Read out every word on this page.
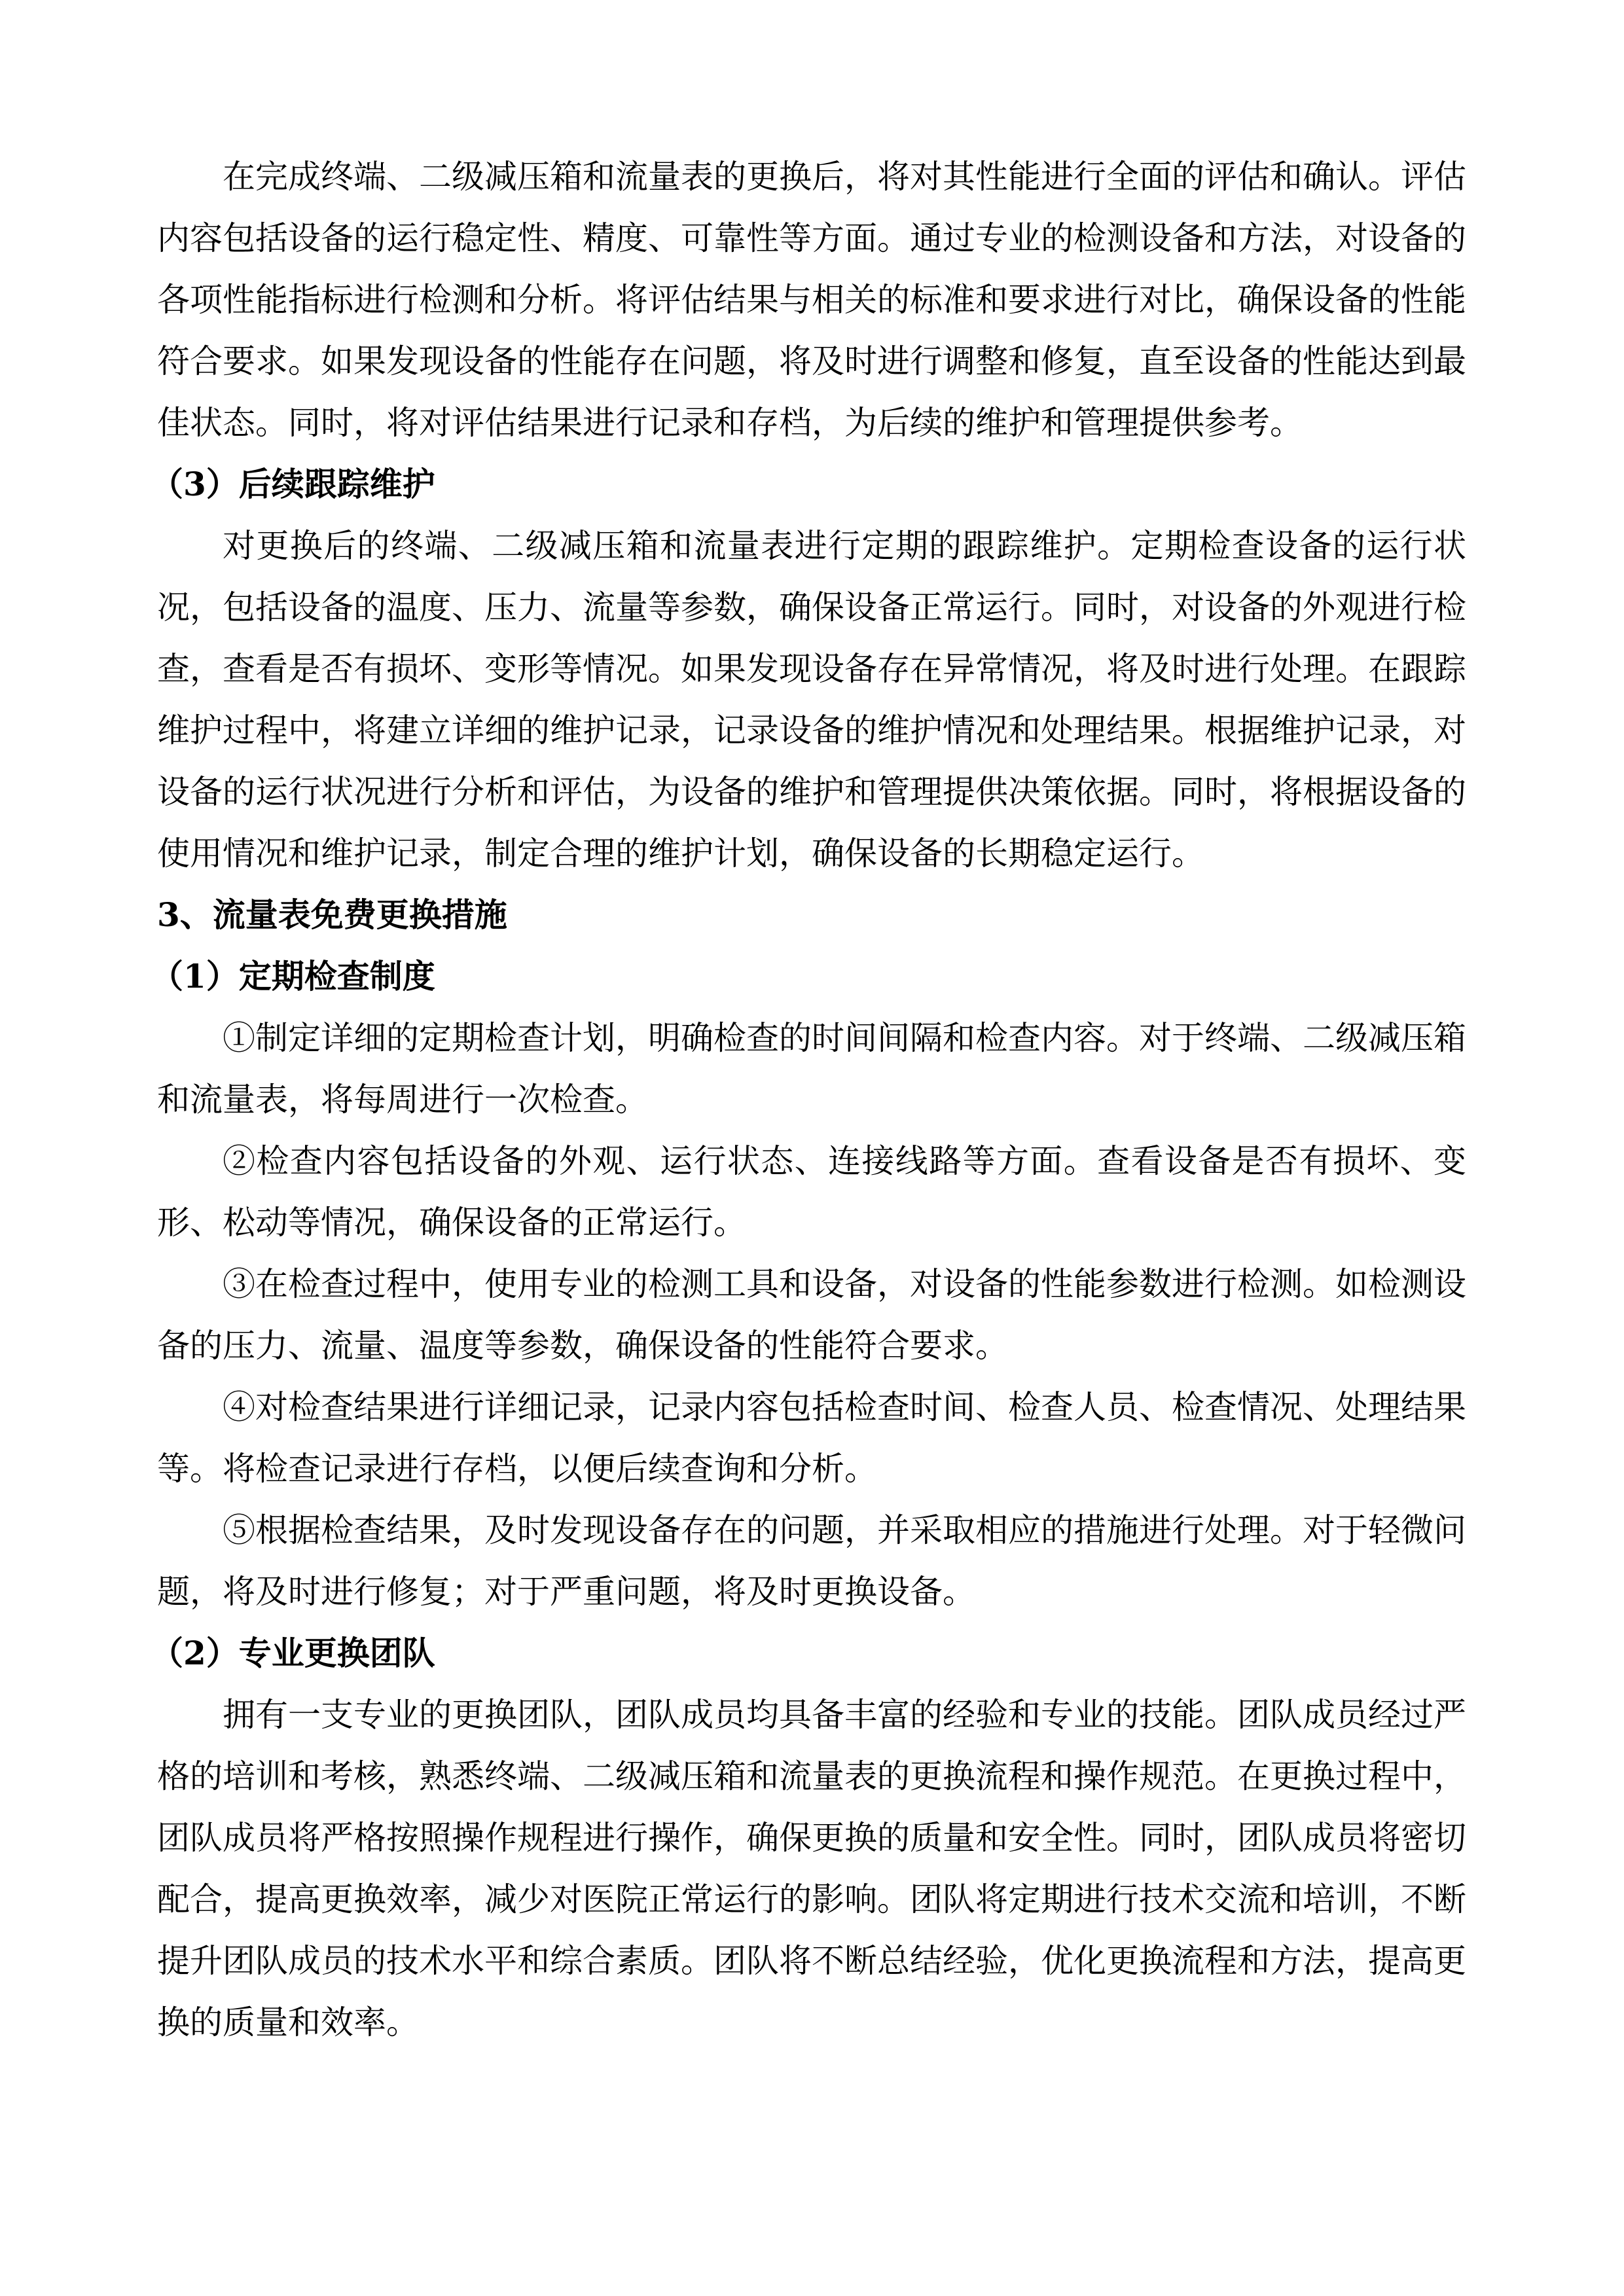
在完成终端、二级减压箱和流量表的更换后，将对其性能进行全面的评估和确认。评估内容包括设备的运行稳定性、精度、可靠性等方面。通过专业的检测设备和方法，对设备的各项性能指标进行检测和分析。将评估结果与相关的标准和要求进行对比，确保设备的性能符合要求。如果发现设备的性能存在问题，将及时进行调整和修复，直至设备的性能达到最佳状态。同时，将对评估结果进行记录和存档，为后续的维护和管理提供参考。

（3）后续跟踪维护

对更换后的终端、二级减压箱和流量表进行定期的跟踪维护。定期检查设备的运行状况，包括设备的温度、压力、流量等参数，确保设备正常运行。同时，对设备的外观进行检查，查看是否有损坏、变形等情况。如果发现设备存在异常情况，将及时进行处理。在跟踪维护过程中，将建立详细的维护记录，记录设备的维护情况和处理结果。根据维护记录，对设备的运行状况进行分析和评估，为设备的维护和管理提供决策依据。同时，将根据设备的使用情况和维护记录，制定合理的维护计划，确保设备的长期稳定运行。

3、流量表免费更换措施
（1）定期检查制度

①制定详细的定期检查计划，明确检查的时间间隔和检查内容。对于终端、二级减压箱和流量表，将每周进行一次检查。

②检查内容包括设备的外观、运行状态、连接线路等方面。查看设备是否有损坏、变形、松动等情况，确保设备的正常运行。

③在检查过程中，使用专业的检测工具和设备，对设备的性能参数进行检测。如检测设备的压力、流量、温度等参数，确保设备的性能符合要求。

④对检查结果进行详细记录，记录内容包括检查时间、检查人员、检查情况、处理结果等。将检查记录进行存档，以便后续查询和分析。

⑤根据检查结果，及时发现设备存在的问题，并采取相应的措施进行处理。对于轻微问题，将及时进行修复；对于严重问题，将及时更换设备。

（2）专业更换团队

拥有一支专业的更换团队，团队成员均具备丰富的经验和专业的技能。团队成员经过严格的培训和考核，熟悉终端、二级减压箱和流量表的更换流程和操作规范。在更换过程中，团队成员将严格按照操作规程进行操作，确保更换的质量和安全性。同时，团队成员将密切配合，提高更换效率，减少对医院正常运行的影响。团队将定期进行技术交流和培训，不断提升团队成员的技术水平和综合素质。团队将不断总结经验，优化更换流程和方法，提高更换的质量和效率。
